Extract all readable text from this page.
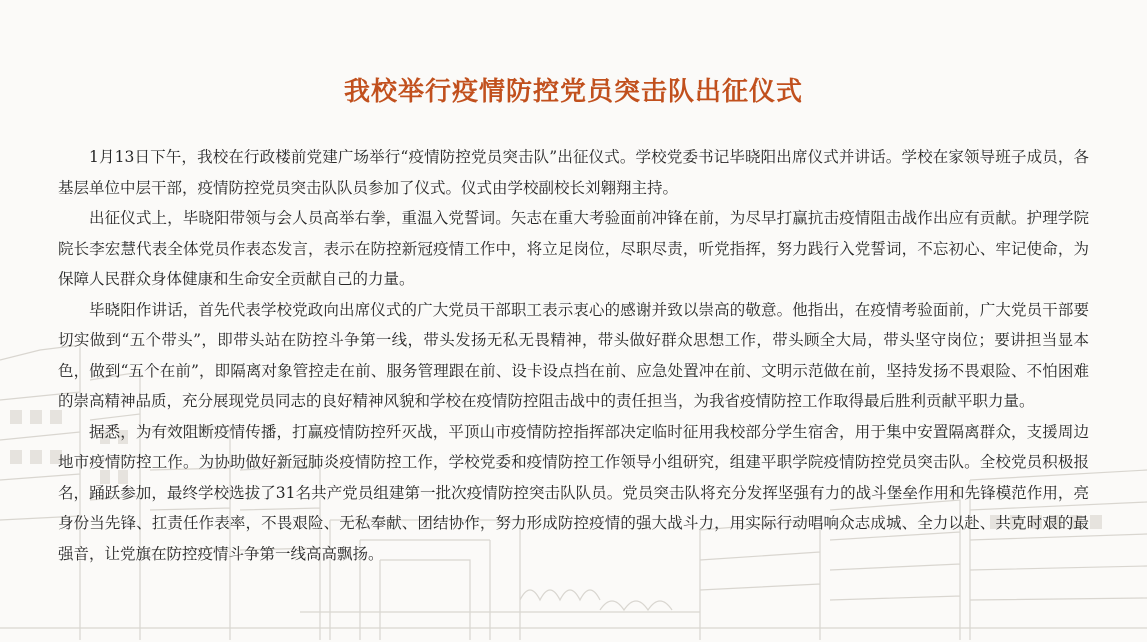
我校举行疫情防控党员突击队出征仪式

1月13日下午，我校在行政楼前党建广场举行“疫情防控党员突击队”出征仪式。学校党委书记毕晓阳出席仪式并讲话。学校在家领导班子成员，各基层单位中层干部，疫情防控党员突击队队员参加了仪式。仪式由学校副校长刘翱翔主持。

出征仪式上，毕晓阳带领与会人员高举右拳，重温入党誓词。矢志在重大考验面前冲锋在前，为尽早打赢抗击疫情阻击战作出应有贡献。护理学院院长李宏慧代表全体党员作表态发言，表示在防控新冠疫情工作中，将立足岗位，尽职尽责，听党指挥，努力践行入党誓词，不忘初心、牢记使命，为保障人民群众身体健康和生命安全贡献自己的力量。

毕晓阳作讲话，首先代表学校党政向出席仪式的广大党员干部职工表示衷心的感谢并致以崇高的敬意。他指出，在疫情考验面前，广大党员干部要切实做到“五个带头”，即带头站在防控斗争第一线，带头发扬无私无畏精神，带头做好群众思想工作，带头顾全大局，带头坚守岗位；要讲担当显本色，做到“五个在前”，即隔离对象管控走在前、服务管理跟在前、设卡设点挡在前、应急处置冲在前、文明示范做在前，坚持发扬不畏艰险、不怕困难的崇高精神品质，充分展现党员同志的良好精神风貌和学校在疫情防控阻击战中的责任担当，为我省疫情防控工作取得最后胜利贡献平职力量。

据悉，为有效阻断疫情传播，打赢疫情防控歼灭战，平顶山市疫情防控指挥部决定临时征用我校部分学生宿舍，用于集中安置隔离群众，支援周边地市疫情防控工作。为协助做好新冠肺炎疫情防控工作，学校党委和疫情防控工作领导小组研究，组建平职学院疫情防控党员突击队。全校党员积极报名，踊跃参加，最终学校选拔了31名共产党员组建第一批次疫情防控突击队队员。党员突击队将充分发挥坚强有力的战斗堡垒作用和先锋模范作用，亮身份当先锋、扛责任作表率，不畏艰险、无私奉献、团结协作，努力形成防控疫情的强大战斗力，用实际行动唱响众志成城、全力以赴、共克时艰的最强音，让党旗在防控疫情斗争第一线高高飘扬。
